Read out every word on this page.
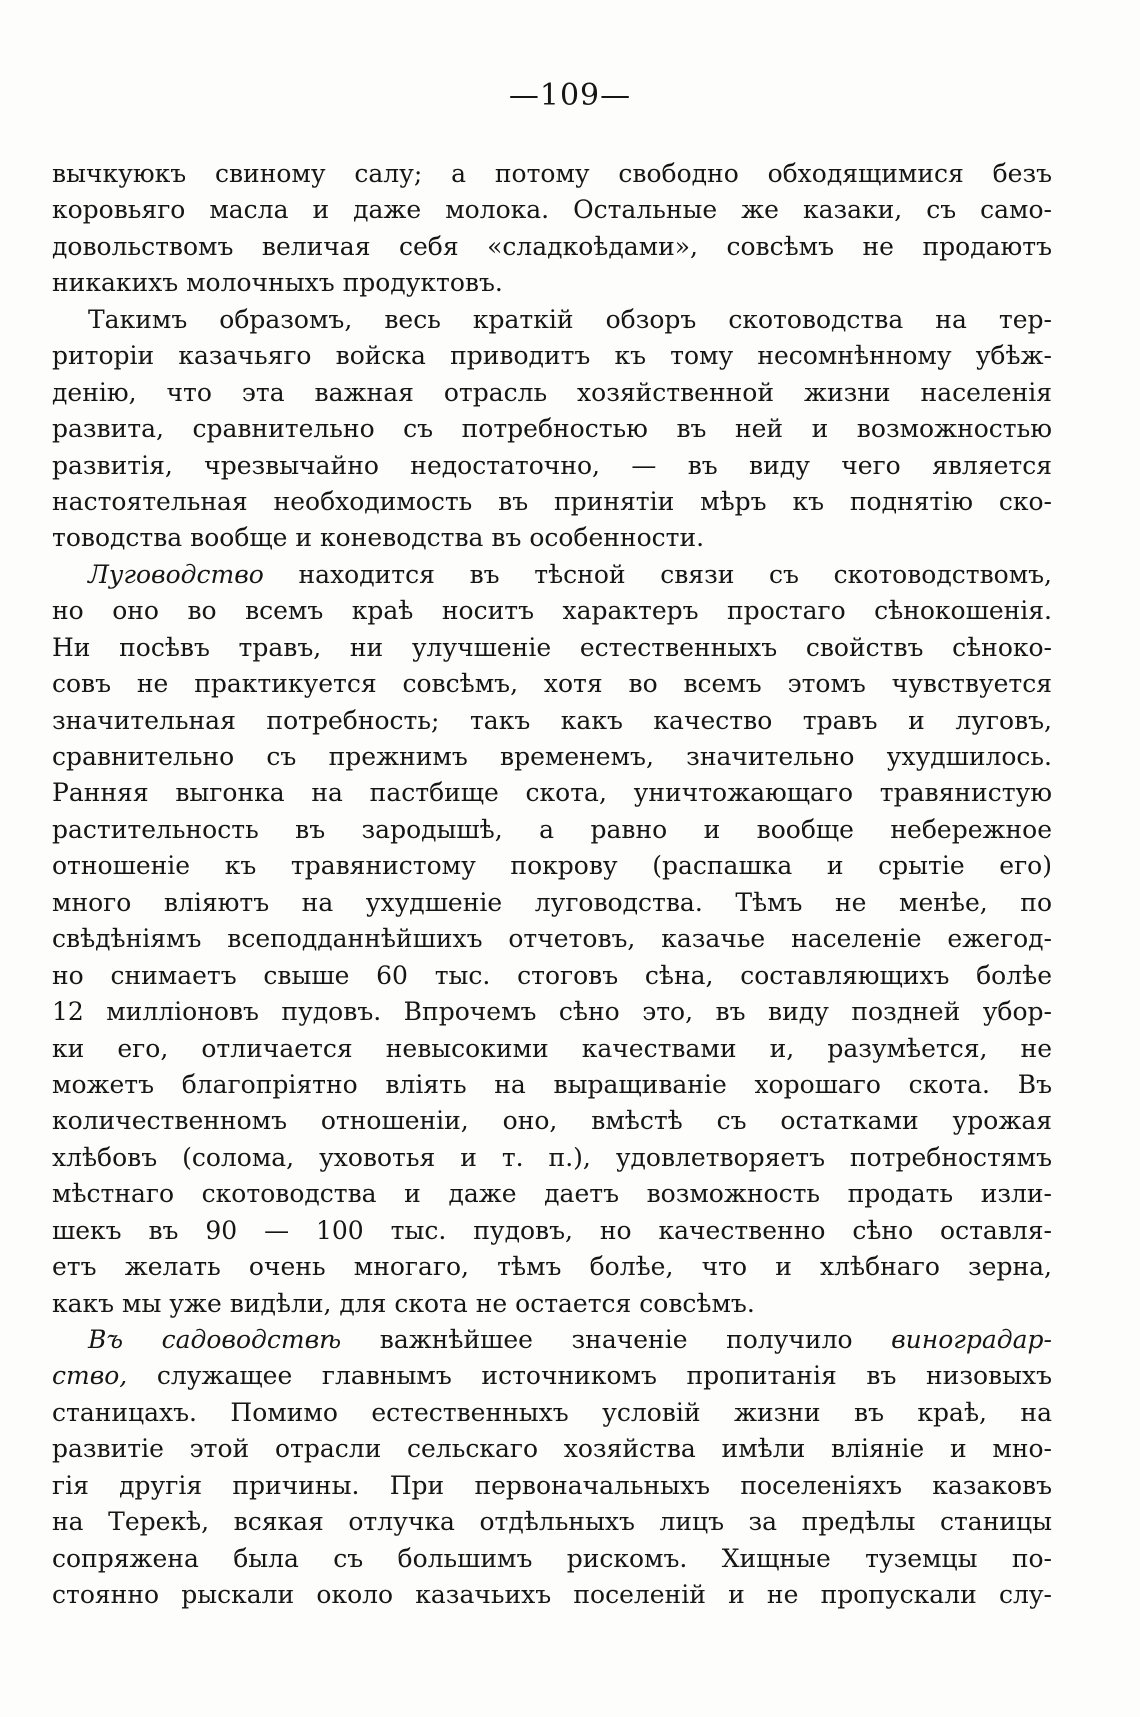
—109—
вычкуюкъ свиному салу; а потому свободно обходящимися безъ
коровьяго масла и даже молока. Остальные же казаки, съ само-
довольствомъ величая себя «сладкоѣдами», совсѣмъ не продаютъ
никакихъ молочныхъ продуктовъ.
Такимъ образомъ, весь краткій обзоръ скотоводства на тер-
риторіи казачьяго войска приводитъ къ тому несомнѣнному убѣж-
денію, что эта важная отрасль хозяйственной жизни населенія
развита, сравнительно съ потребностью въ ней и возможностью
развитія, чрезвычайно недостаточно, — въ виду чего является
настоятельная необходимость въ принятіи мѣръ къ поднятію ско-
товодства вообще и коневодства въ особенности.
Луговодство находится въ тѣсной связи съ скотоводствомъ,
но оно во всемъ краѣ носитъ характеръ простаго сѣнокошенія.
Ни посѣвъ травъ, ни улучшеніе естественныхъ свойствъ сѣноко-
совъ не практикуется совсѣмъ, хотя во всемъ этомъ чувствуется
значительная потребность; такъ какъ качество травъ и луговъ,
сравнительно съ прежнимъ временемъ, значительно ухудшилось.
Ранняя выгонка на пастбище скота, уничтожающаго травянистую
растительность въ зародышѣ, а равно и вообще небережное
отношеніе къ травянистому покрову (распашка и срытіе его)
много вліяютъ на ухудшеніе луговодства. Тѣмъ не менѣе, по
свѣдѣніямъ всеподданнѣйшихъ отчетовъ, казачье населеніе ежегод-
но снимаетъ свыше 60 тыс. стоговъ сѣна, составляющихъ болѣе
12 милліоновъ пудовъ. Впрочемъ сѣно это, въ виду поздней убор-
ки его, отличается невысокими качествами и, разумѣется, не
можетъ благопріятно вліять на выращиваніе хорошаго скота. Въ
количественномъ отношеніи, оно, вмѣстѣ съ остатками урожая
хлѣбовъ (солома, уховотья и т. п.), удовлетворяетъ потребностямъ
мѣстнаго скотоводства и даже даетъ возможность продать изли-
шекъ въ 90 — 100 тыс. пудовъ, но качественно сѣно оставля-
етъ желать очень многаго, тѣмъ болѣе, что и хлѣбнаго зерна,
какъ мы уже видѣли, для скота не остается совсѣмъ.
Въ садоводствѣ важнѣйшее значеніе получило виноградар-
ство, служащее главнымъ источникомъ пропитанія въ низовыхъ
станицахъ. Помимо естественныхъ условій жизни въ краѣ, на
развитіе этой отрасли сельскаго хозяйства имѣли вліяніе и мно-
гія другія причины. При первоначальныхъ поселеніяхъ казаковъ
на Терекѣ, всякая отлучка отдѣльныхъ лицъ за предѣлы станицы
сопряжена была съ большимъ рискомъ. Хищные туземцы по-
стоянно рыскали около казачьихъ поселеній и не пропускали слу-
